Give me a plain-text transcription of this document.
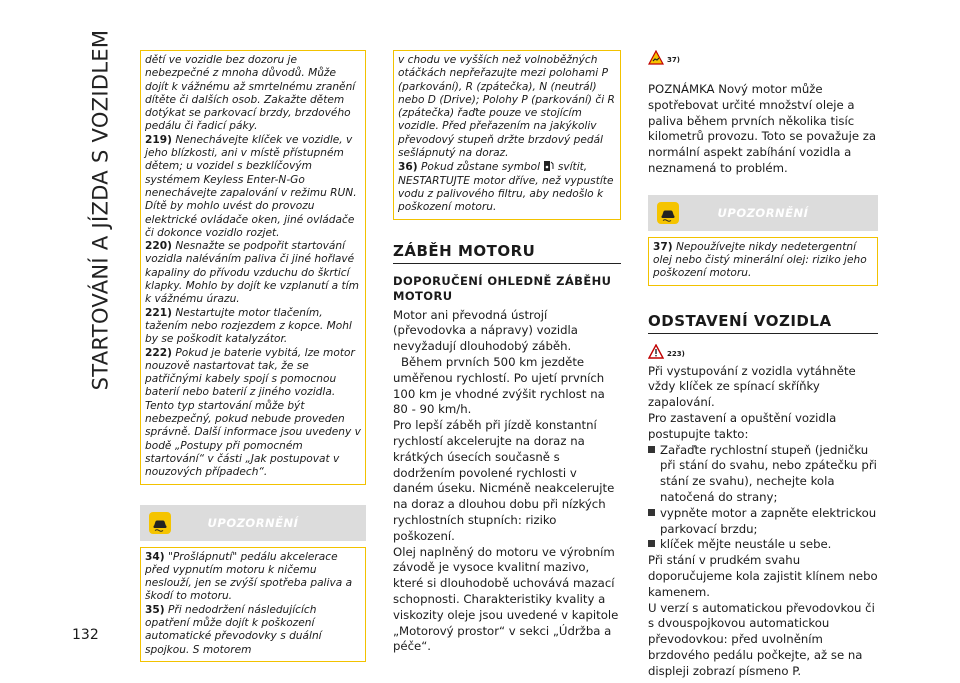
STARTOVÁNÍ A JÍZDA S VOZIDLEM	dětí ve vozidle bez dozoru je nebezpečné z mnoha důvodů. Může dojít k vážnému až smrtelnému zranění dítěte či dalších osob. Zakažte dětem dotýkat se parkovací brzdy, brzdového pedálu či řadicí páky.
219) Nenechávejte klíček ve vozidle, v jeho blízkosti, ani v místě přístupném dětem; u vozidel s bezklíčovým systémem Keyless Enter-N-Go nenechávejte zapalování v režimu RUN. Dítě by mohlo uvést do provozu elektrické ovládače oken, jiné ovládače či dokonce vozidlo rozjet.
220) Nesnažte se podpořit startování vozidla naléváním paliva či jiné hořlavé kapaliny do přívodu vzduchu do škrticí klapky. Mohlo by dojít ke vzplanutí a tím k vážnému úrazu.
221) Nestartujte motor tlačením, tažením nebo rozjezdem z kopce. Mohl by se poškodit katalyzátor.
222) Pokud je baterie vybitá, lze motor nouzově nastartovat tak, že se patřičnými kabely spojí s pomocnou baterií nebo baterií z jiného vozidla. Tento typ startování může být nebezpečný, pokud nebude proveden správně. Další informace jsou uvedeny v bodě „Postupy při pomocném startování“ v části „Jak postupovat v nouzových případech“.
UPOZORNĚNÍ
34) "Prošlápnutí" pedálu akcelerace před vypnutím motoru k ničemu neslouží, jen se zvýší spotřeba paliva a škodí to motoru.
35) Při nedodržení následujících opatření může dojít k poškození automatické převodovky s duální spojkou. S motorem
v chodu ve vyšších než volnoběžných otáčkách nepřeřazujte mezi polohami P (parkování), R (zpátečka), N (neutrál) nebo D (Drive); Polohy P (parkování) či R (zpátečka) řaďte pouze ve stojícím vozidle. Před přeřazením na jakýkoliv převodový stupeň držte brzdový pedál sešlápnutý na doraz.
36) Pokud zůstane symbol svítit, NESTARTUJTE motor dříve, než vypustíte vodu z palivového filtru, aby nedošlo k poškození motoru.
ZÁBĚH MOTORU
DOPORUČENÍ OHLEDNĚ ZÁBĚHU MOTORU
Motor ani převodná ústrojí (převodovka a nápravy) vozidla nevyžadují dlouhodobý záběh.
Během prvních 500 km jezděte uměřenou rychlostí. Po ujetí prvních 100 km je vhodné zvýšit rychlost na 80 - 90 km/h.
Pro lepší záběh při jízdě konstantní rychlostí akcelerujte na doraz na krátkých úsecích současně s dodržením povolené rychlosti v daném úseku. Nicméně neakcelerujte na doraz a dlouhou dobu při nízkých rychlostních stupních: riziko poškození.
Olej naplněný do motoru ve výrobním závodě je vysoce kvalitní mazivo, které si dlouhodobě uchovává mazací schopnosti. Charakteristiky kvality a viskozity oleje jsou uvedené v kapitole „Motorový prostor“ v sekci „Údržba a péče“.
37)
POZNÁMKA Nový motor může spotřebovat určité množství oleje a paliva během prvních několika tisíc kilometrů provozu. Toto se považuje za normální aspekt zabíhání vozidla a neznamená to problém.
UPOZORNĚNÍ
37) Nepoužívejte nikdy nedetergentní olej nebo čistý minerální olej: riziko jeho poškození motoru.
ODSTAVENÍ VOZIDLA
223)
Při vystupování z vozidla vytáhněte vždy klíček ze spínací skříňky zapalování.
Pro zastavení a opuštění vozidla postupujte takto:
Zařaďte rychlostní stupeň (jedničku při stání do svahu, nebo zpátečku při stání ze svahu), nechejte kola natočená do strany;
vypněte motor a zapněte elektrickou parkovací brzdu;
klíček mějte neustále u sebe.
Při stání v prudkém svahu doporučujeme kola zajistit klínem nebo kamenem.
U verzí s automatickou převodovkou či s dvouspojkovou automatickou převodovkou: před uvolněním brzdového pedálu počkejte, až se na displeji zobrazí písmeno P.
132
